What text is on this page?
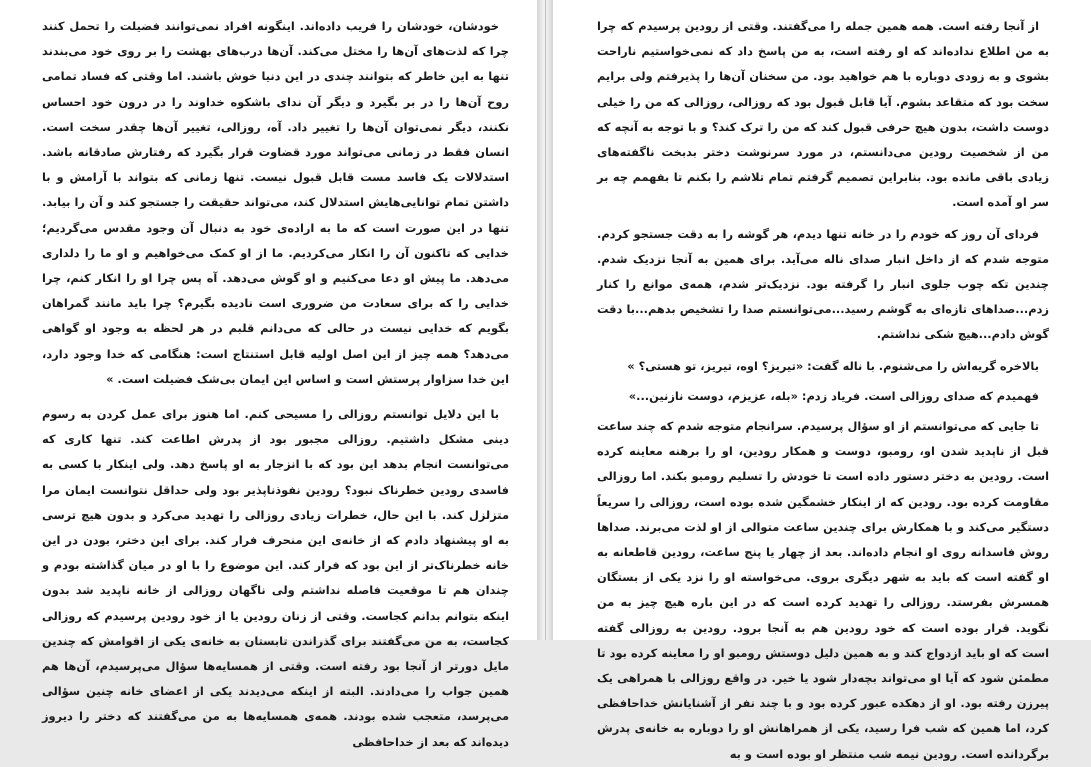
خودشان، خودشان را فریب داده‌اند. اینگونه افراد نمی‌توانند فضیلت را تحمل کنند چرا که لذت‌های آن‌ها را مختل می‌کند. آن‌ها درب‌های بهشت را بر روی خود می‌بندند تنها به این خاطر که بتوانند چندی در این دنیا خوش باشند. اما وقتی که فساد تمامی روح آن‌ها را در بر بگیرد و دیگر آن ندای باشکوه خداوند را در درون خود احساس نکنند، دیگر نمی‌توان آن‌ها را تغییر داد. آه، روزالی، تغییر آن‌ها چقدر سخت است. انسان فقط در زمانی می‌تواند مورد قضاوت قرار بگیرد که رفتارش صادقانه باشد. استدلالات یک فاسد مست قابل قبول نیست. تنها زمانی که بتواند با آرامش و با داشتن تمام توانایی‌هایش استدلال کند، می‌تواند حقیقت را جستجو کند و آن را بیابد. تنها در این صورت است که ما به اراده‌ی خود به دنبال آن وجود مقدس می‌گردیم؛ خدایی که تاکنون آن را انکار می‌کردیم. ما از او کمک می‌خواهیم و او ما را دلداری می‌دهد. ما پیش او دعا می‌کنیم و او گوش می‌دهد. آه پس چرا او را انکار کنم، چرا خدایی را که برای سعادت من ضروری است نادیده بگیرم؟ چرا باید مانند گمراهان بگویم که خدایی نیست در حالی که می‌دانم قلبم در هر لحظه به وجود او گواهی می‌دهد؟ همه چیز از این اصل اولیه قابل استنتاج است: هنگامی که خدا وجود دارد، این خدا سزاوار پرستش است و اساس این ایمان بی‌شک فضیلت است. »

با این دلایل توانستم روزالی را مسیحی کنم. اما هنوز برای عمل کردن به رسوم دینی مشکل داشتیم. روزالی مجبور بود از پدرش اطاعت کند. تنها کاری که می‌توانست انجام بدهد این بود که با انزجار به او پاسخ دهد. ولی اینکار با کسی به فاسدی رودین خطرناک نبود؟ رودین نفوذناپذیر بود ولی حداقل نتوانست ایمان مرا متزلزل کند. با این حال، خطرات زیادی روزالی را تهدید می‌کرد و بدون هیچ ترسی به او پیشنهاد دادم که از خانه‌ی این منحرف فرار کند. برای این دختر، بودن در این خانه خطرناک‌تر از این بود که فرار کند. این موضوع را با او در میان گذاشته بودم و چندان هم تا موقعیت فاصله نداشتم ولی ناگهان روزالی از خانه ناپدید شد بدون اینکه بتوانم بدانم کجاست. وقتی از زنان رودین یا از خود رودین پرسیدم که روزالی کجاست، به من می‌گفتند برای گذراندن تابستان به خانه‌ی یکی از اقوامش که چندین مایل دورتر از آنجا بود رفته است. وقتی از همسایه‌ها سؤال می‌پرسیدم، آن‌ها هم همین جواب را می‌دادند. البته از اینکه می‌دیدند یکی از اعضای خانه چنین سؤالی می‌پرسد، متعجب شده بودند. همه‌ی همسایه‌ها به من می‌گفتند که دختر را دیروز دیده‌اند که بعد از خداحافظی

از آنجا رفته است. همه همین جمله را می‌گفتند. وقتی از رودین پرسیدم که چرا به من اطلاع نداده‌اند که او رفته است، به من پاسخ داد که نمی‌خواستیم ناراحت بشوی و به زودی دوباره با هم خواهید بود. من سخنان آن‌ها را پذیرفتم ولی برایم سخت بود که متقاعد بشوم. آیا قابل قبول بود که روزالی، روزالی که من را خیلی دوست داشت، بدون هیچ حرفی قبول کند که من را ترک کند؟ و با توجه به آنچه که من از شخصیت رودین می‌دانستم، در مورد سرنوشت دختر بدبخت ناگفته‌های زیادی باقی مانده بود. بنابراین تصمیم گرفتم تمام تلاشم را بکنم تا بفهمم چه بر سر او آمده است.

فردای آن روز که خودم را در خانه تنها دیدم، هر گوشه را به دقت جستجو کردم. متوجه شدم که از داخل انبار صدای ناله می‌آید. برای همین به آنجا نزدیک شدم. چندین تکه چوب جلوی انبار را گرفته بود. نزدیک‌تر شدم، همه‌ی موانع را کنار زدم...صداهای تازه‌ای به گوشم رسید...می‌توانستم صدا را تشخیص بدهم...با دقت گوش دادم...هیچ شکی نداشتم.

بالاخره گریه‌اش را می‌شنوم. با ناله گفت: «تیریز؟ اوه، تیریز، تو هستی؟ »

فهمیدم که صدای روزالی است. فریاد زدم: «بله، عزیزم، دوست نازنین...»

تا جایی که می‌توانستم از او سؤال پرسیدم. سرانجام متوجه شدم که چند ساعت قبل از ناپدید شدن او، رومبو، دوست و همکار رودین، او را برهنه معاینه کرده است. رودین به دختر دستور داده است تا خودش را تسلیم رومبو بکند. اما روزالی مقاومت کرده بود. رودین که از اینکار خشمگین شده بوده است، روزالی را سریعاً دستگیر می‌کند و با همکارش برای چندین ساعت متوالی از او لذت می‌برند. صداها روش فاسدانه روی او انجام داده‌اند. بعد از چهار یا پنج ساعت، رودین قاطعانه به او گفته است که باید به شهر دیگری بروی. می‌خواسته او را نزد یکی از بستگان همسرش بفرستد. روزالی را تهدید کرده است که در این باره هیچ چیز به من نگوید. قرار بوده است که خود رودین هم به آنجا برود. رودین به روزالی گفته است که او باید ازدواج کند و به همین دلیل دوستش رومبو او را معاینه کرده بود تا مطمئن شود که آیا او می‌تواند بچه‌دار شود یا خیر. در واقع روزالی با همراهی یک پیرزن رفته بود. او از دهکده عبور کرده بود و با چند نفر از آشنایانش خداحافظی کرد، اما همین که شب فرا رسید، یکی از همراهانش او را دوباره به خانه‌ی پدرش برگردانده است. رودین نیمه شب منتظر او بوده است و به
